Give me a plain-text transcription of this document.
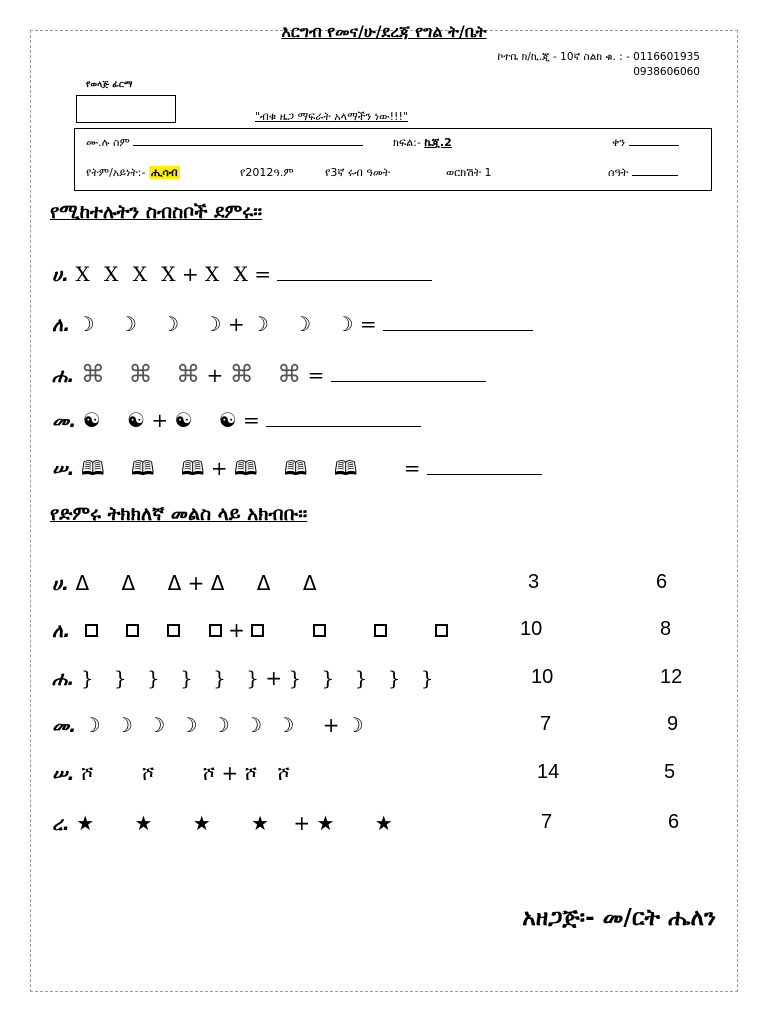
እርግብ የመና/ሁ/ደረጃ የግል ት/ቤት
ኮተቤ ክ/ኪ.ጂ - 10ኛ ስልክ ቁ. : - 0116601935
0938606060
የወላጅ ፊርማ
"ብቁ ዜጋ ማፍራት አላማችን ነው!!!"
ሙ.ሉ ስም	ክፍል:- ኬጂ.2	ቀን
የትም/አይነት:- ሒሳብ	የ2012ዓ.ም	የ3ኛ ሩብ ዓመት	ወርክሽት 1	ሰዓት
የሚከተሉትን ስብስቦች ደምሩ፡፡
ሀ. X X X X + X X =
ለ. ☽ ☽ ☽ ☽ + ☽ ☽ ☽ =
ሐ. ⌘ ⌘ ⌘ + ⌘ ⌘ =
መ. ☯ ☯ + ☯ ☯ =
ሠ. 🕮 🕮 🕮 + 🕮 🕮 🕮 =
የድምሩ ትክክለኛ መልስ ላይ አክብቡ፡፡
ሀ. Δ Δ Δ + Δ Δ Δ	3	6
ለ.	+	10	8
ሐ. } } } } } } + } } } } }	10	12
መ. ☽ ☽ ☽ ☽ ☽ ☽ ☽ + ☽	7	9
ሠ. ሾ ሾ ሾ + ሾ ሾ	14	5
ረ. ★ ★ ★ ★ + ★ ★	7	6
አዘጋጅ፡- መ/ርት ሔለን
